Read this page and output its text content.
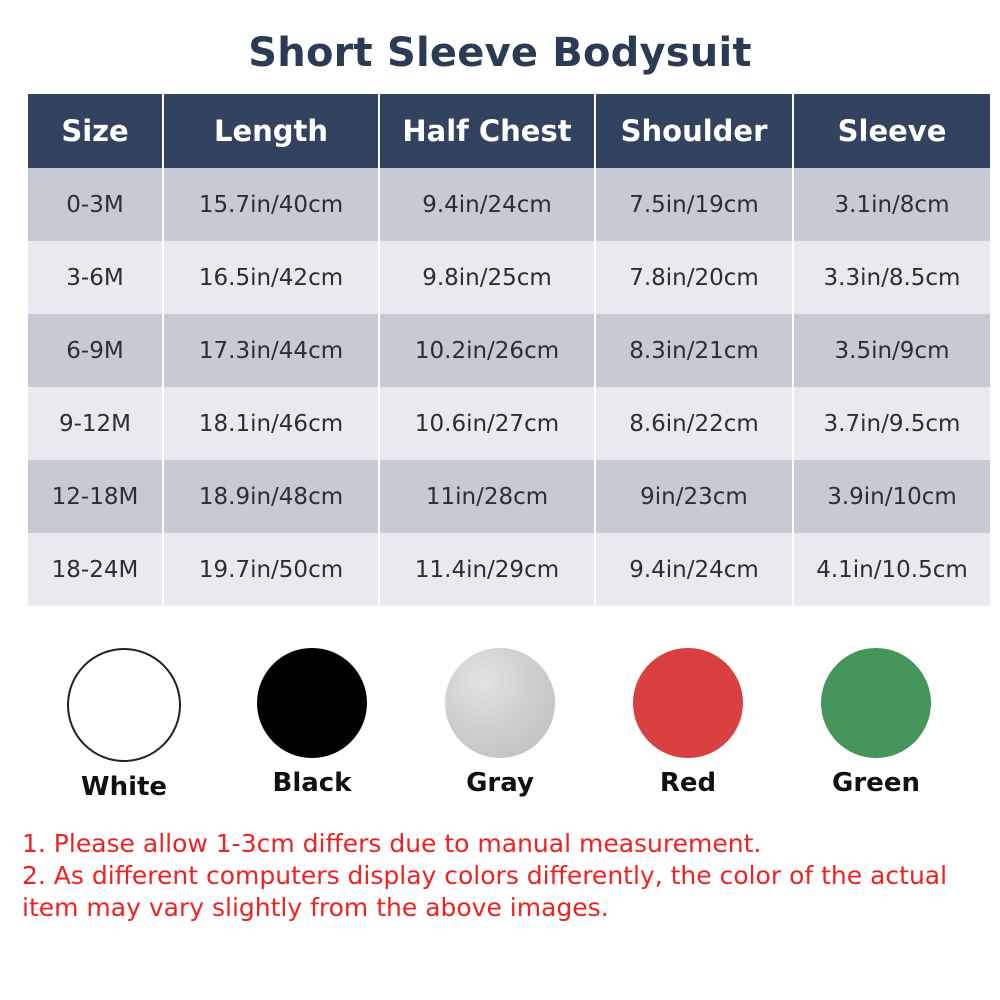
Short Sleeve Bodysuit
Size	Length	Half Chest	Shoulder	Sleeve
0-3M	15.7in/40cm	9.4in/24cm	7.5in/19cm	3.1in/8cm
3-6M	16.5in/42cm	9.8in/25cm	7.8in/20cm	3.3in/8.5cm
6-9M	17.3in/44cm	10.2in/26cm	8.3in/21cm	3.5in/9cm
9-12M	18.1in/46cm	10.6in/27cm	8.6in/22cm	3.7in/9.5cm
12-18M	18.9in/48cm	11in/28cm	9in/23cm	3.9in/10cm
18-24M	19.7in/50cm	11.4in/29cm	9.4in/24cm	4.1in/10.5cm
White	Black	Gray	Red	Green
1. Please allow 1-3cm differs due to manual measurement.
2. As different computers display colors differently, the color of the actual item may vary slightly from the above images.
